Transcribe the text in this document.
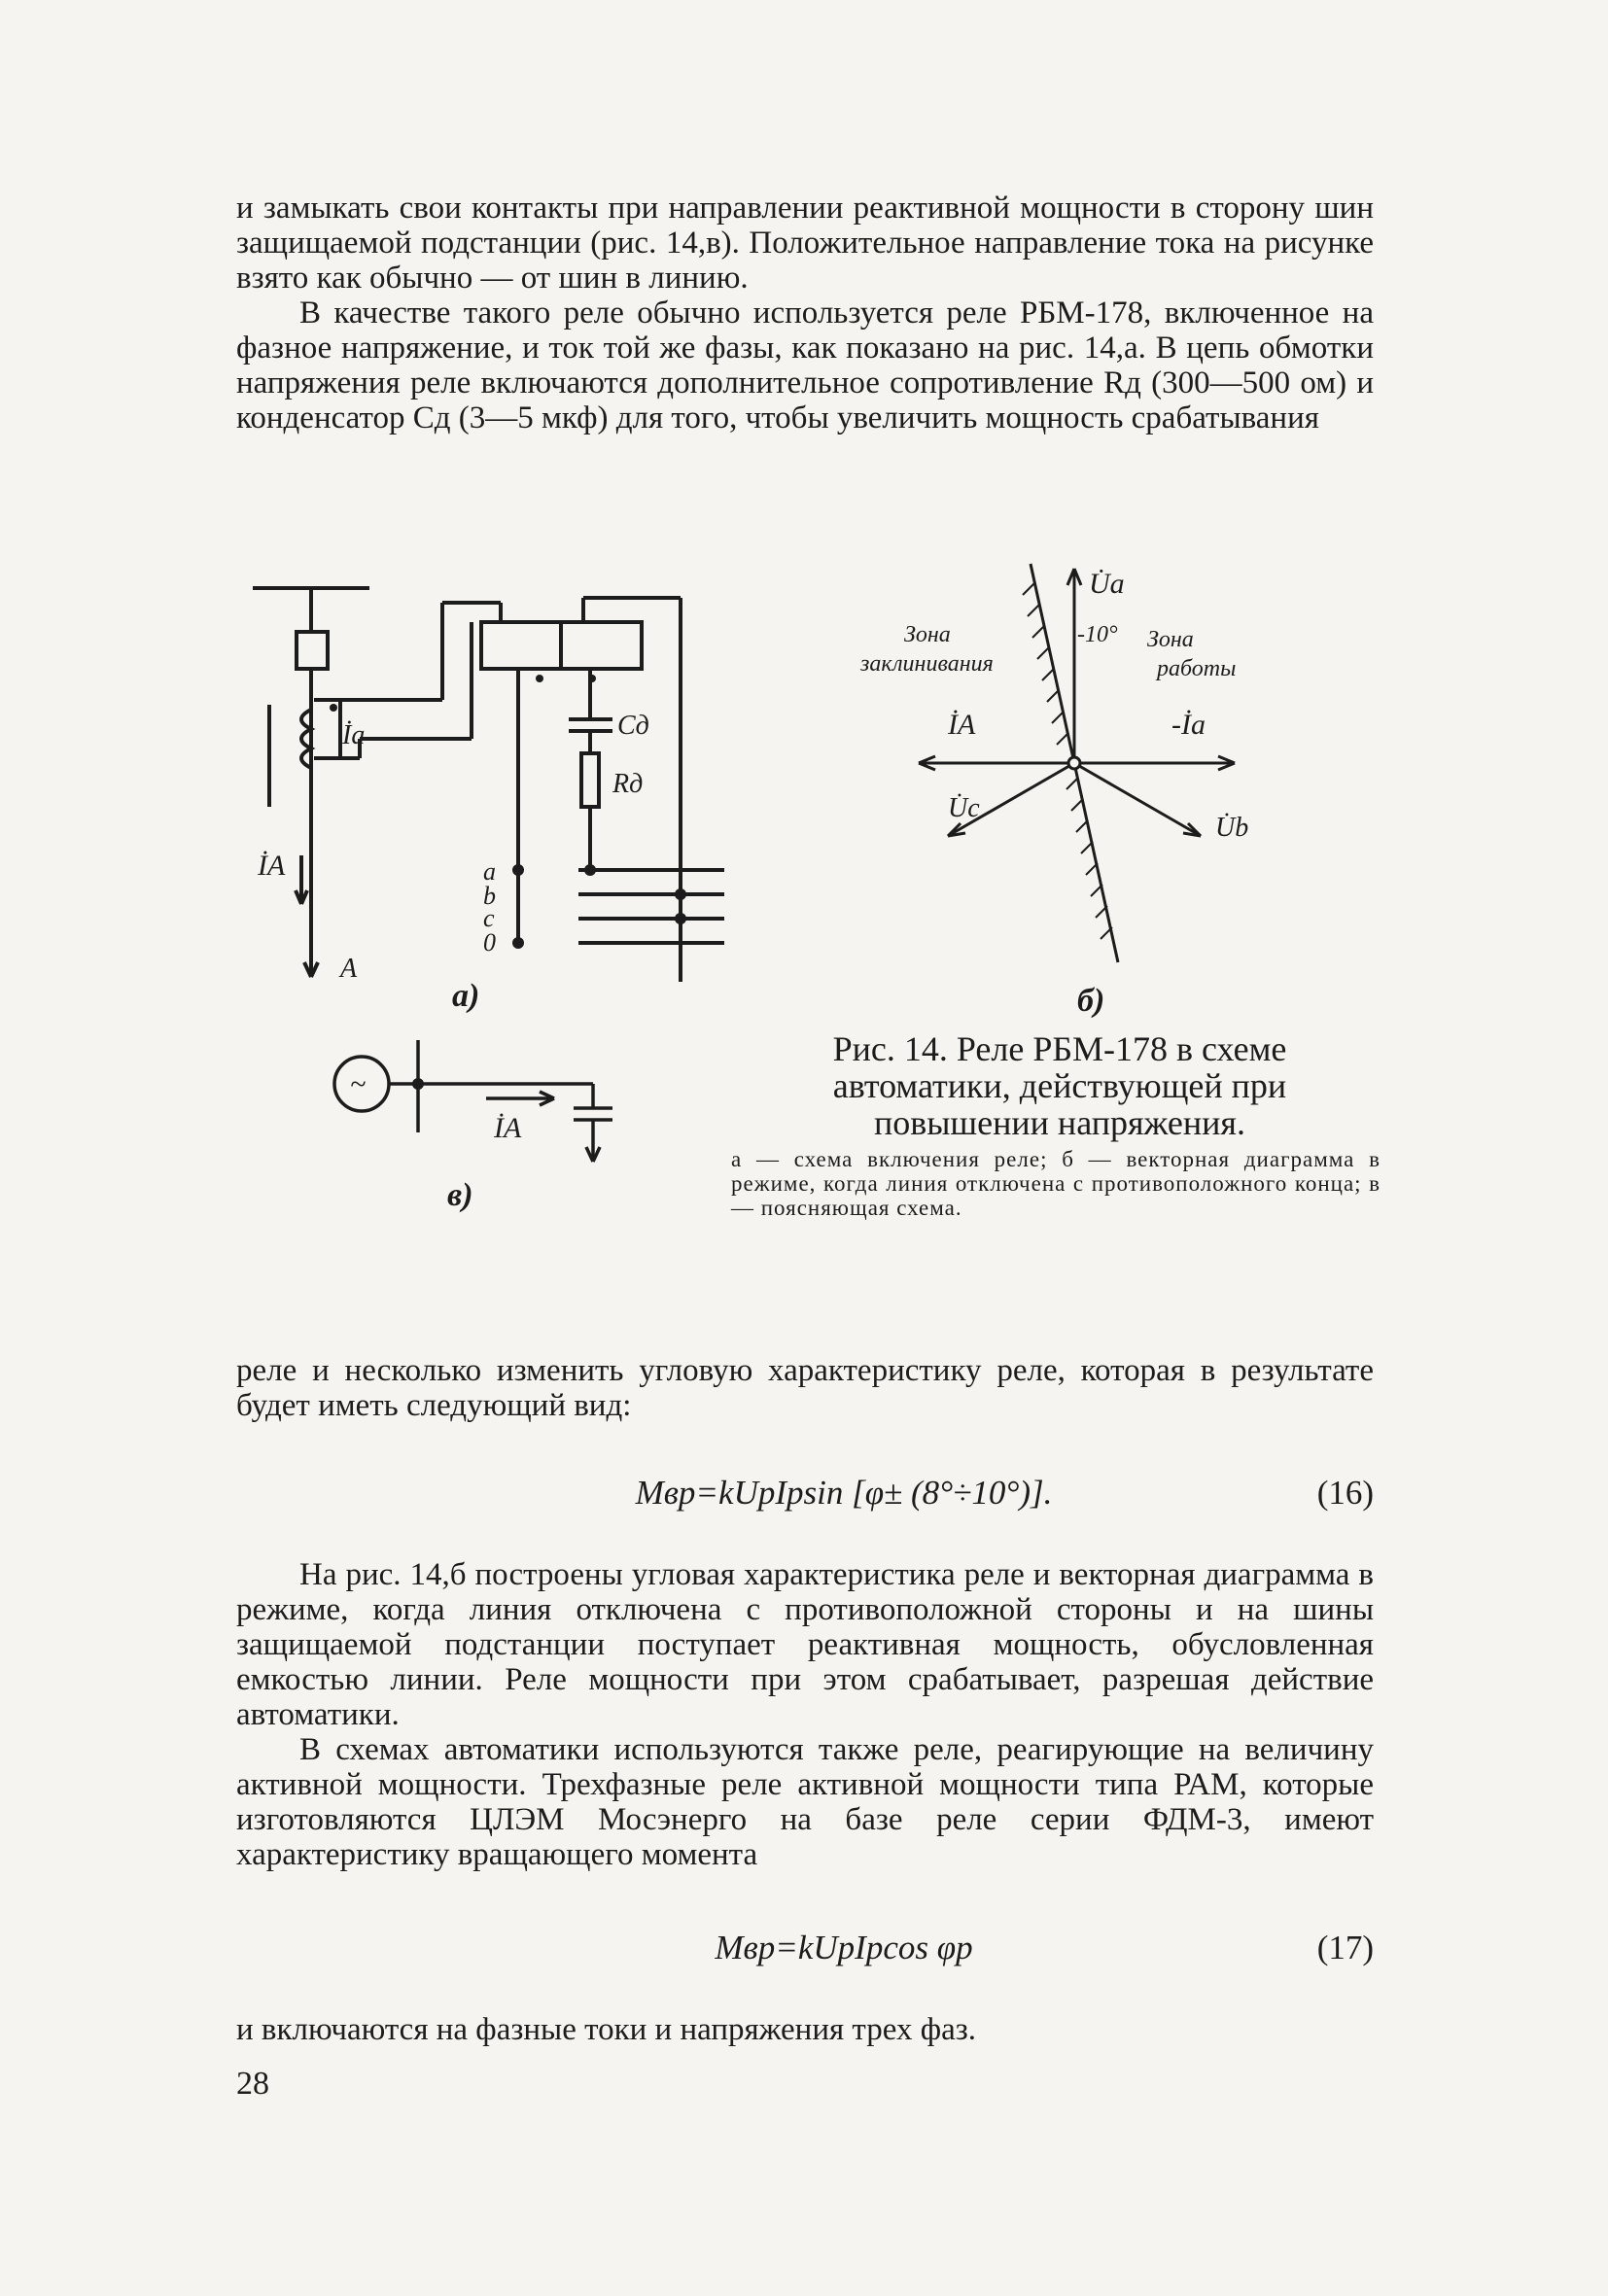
и замыкать свои контакты при направлении реактивной мощности в сторону шин защищаемой подстанции (рис. 14,в). Положительное направление тока на рисунке взято как обычно — от шин в линию.
В качестве такого реле обычно используется реле РБМ-178, включенное на фазное напряжение, и ток той же фазы, как показано на рис. 14,а. В цепь обмотки напряжения реле включаются дополнительное сопротивление Rд (300—500 ом) и конденсатор Сд (3—5 мкф) для того, чтобы увеличить мощность срабатывания
İа
İA
A
Cд
Rд
a
b
c
0
а)
U̇a
-10°
Зона
заклинивания
Зона
работы
İA	-İa
U̇c
U̇b
б)
~
İA
в)

Рис. 14. Реле РБМ-178 в схеме автоматики, действующей при повышении напряжения.

а — схема включения реле; б — векторная диаграмма в режиме, когда линия отключена с противоположного конца; в — поясняющая схема.

реле и несколько изменить угловую характеристику реле, которая в результате будет иметь следующий вид:

Mвр=kUрIрsin [φ± (8°÷10°)].	(16)
На рис. 14,б построены угловая характеристика реле и векторная диаграмма в режиме, когда линия отключена с противоположной стороны и на шины защищаемой подстанции поступает реактивная мощность, обусловленная емкостью линии. Реле мощности при этом срабатывает, разрешая действие автоматики.
В схемах автоматики используются также реле, реагирующие на величину активной мощности. Трехфазные реле активной мощности типа РАМ, которые изготовляются ЦЛЭМ Мосэнерго на базе реле серии ФДМ-3, имеют характеристику вращающего момента
Mвр=kUрIрcos φр	(17)

и включаются на фазные токи и напряжения трех фаз.

28
